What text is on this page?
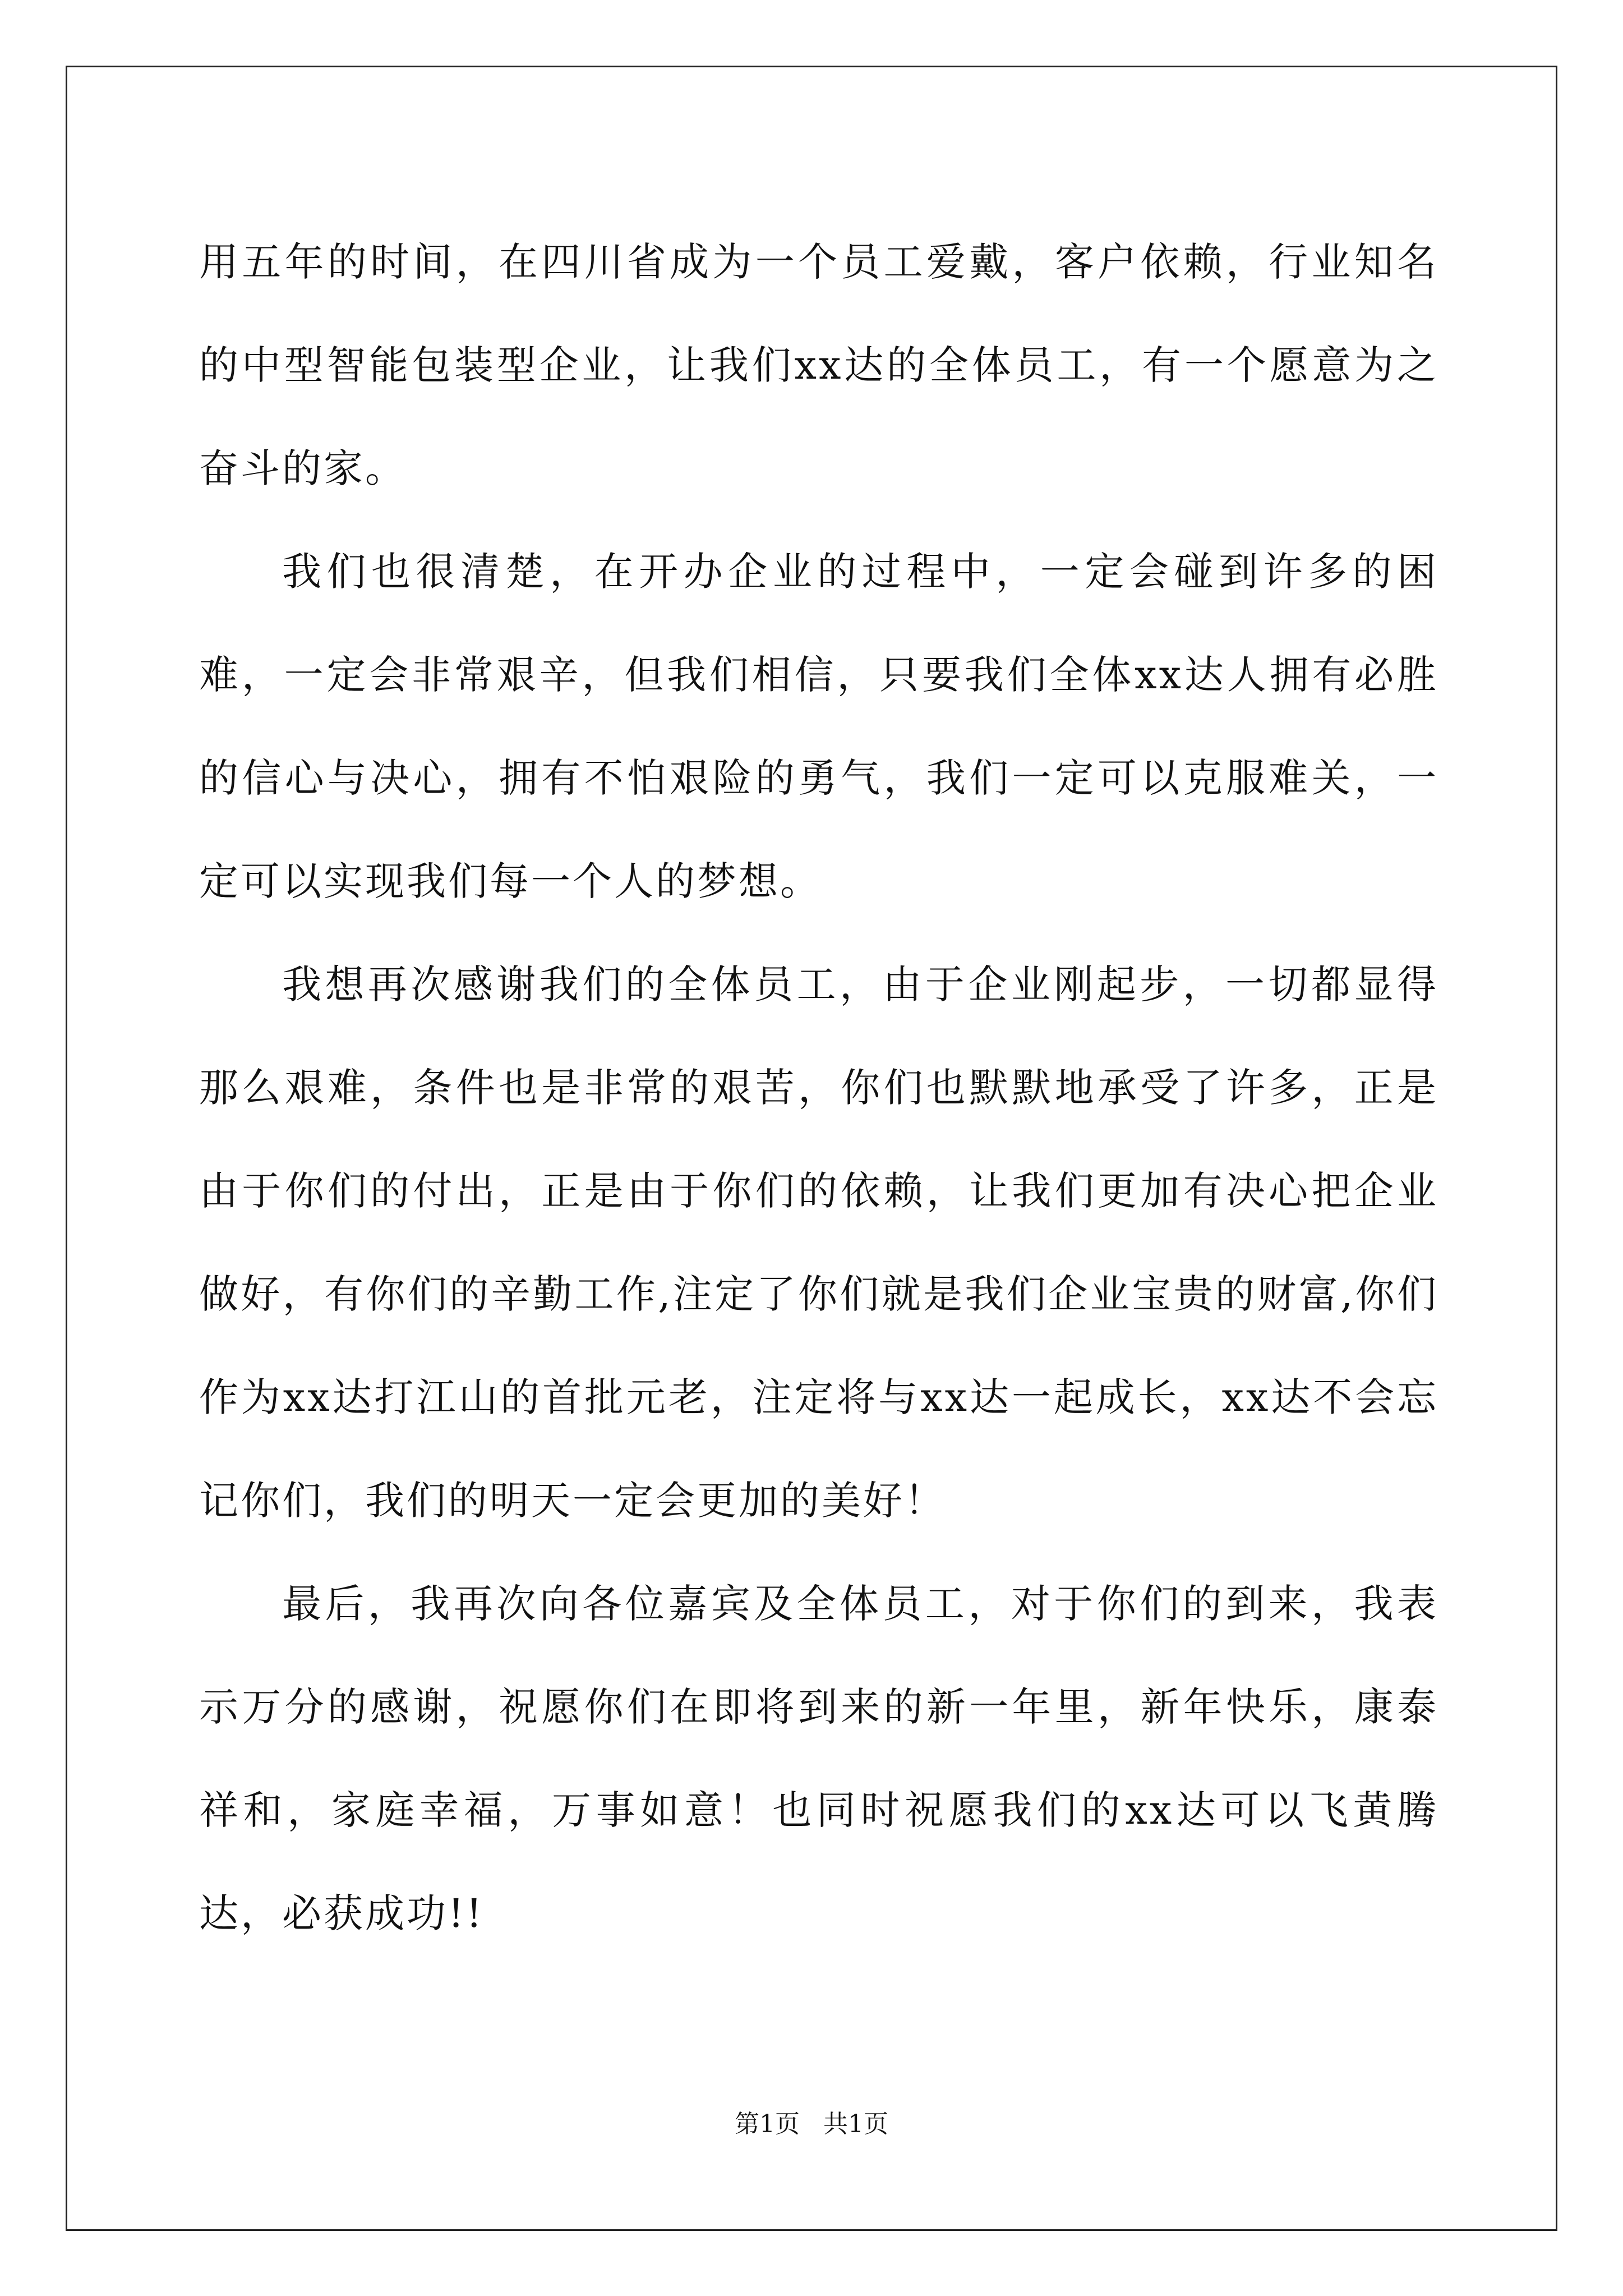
用五年的时间，在四川省成为一个员工爱戴，客户依赖，行业知名的中型智能包装型企业，让我们xx达的全体员工，有一个愿意为之奋斗的家。

我们也很清楚，在开办企业的过程中，一定会碰到许多的困难，一定会非常艰辛，但我们相信，只要我们全体xx达人拥有必胜的信心与决心，拥有不怕艰险的勇气，我们一定可以克服难关，一定可以实现我们每一个人的梦想。

我想再次感谢我们的全体员工，由于企业刚起步，一切都显得那么艰难，条件也是非常的艰苦，你们也默默地承受了许多，正是由于你们的付出，正是由于你们的依赖，让我们更加有决心把企业做好，有你们的辛勤工作,注定了你们就是我们企业宝贵的财富,你们作为xx达打江山的首批元老，注定将与xx达一起成长，xx达不会忘记你们，我们的明天一定会更加的美好！

最后，我再次向各位嘉宾及全体员工，对于你们的到来，我表示万分的感谢，祝愿你们在即将到来的新一年里，新年快乐，康泰祥和，家庭幸福，万事如意！也同时祝愿我们的xx达可以飞黄腾达，必获成功!!

第1页   共1页
